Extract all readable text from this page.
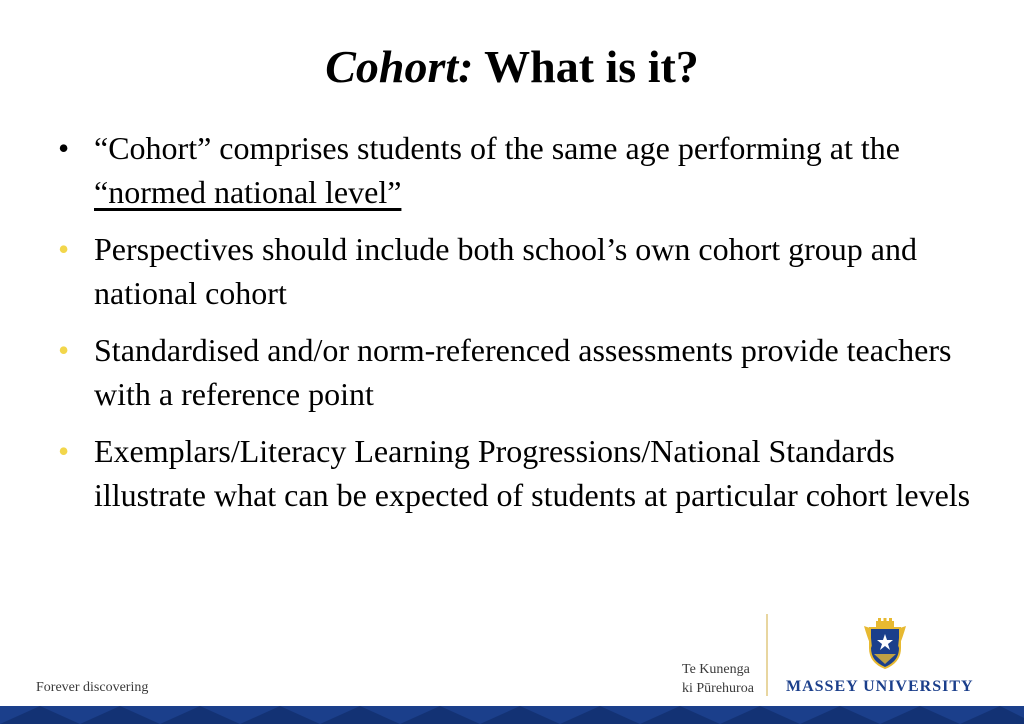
Cohort: What is it?
• “Cohort” comprises students of the same age performing at the “normed national level”
• Perspectives should include both school’s own cohort group and national cohort
• Standardised and/or norm-referenced assessments provide teachers with a reference point
• Exemplars/Literacy Learning Progressions/National Standards illustrate what can be expected of students at particular cohort levels
Forever discovering
Te Kunenga
ki Pūrehuroa	MASSEY UNIVERSITY
